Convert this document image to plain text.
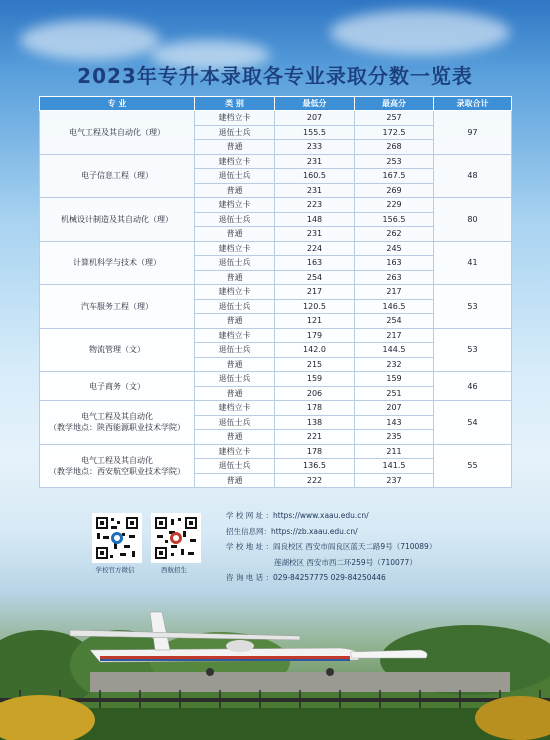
2023年专升本录取各专业录取分数一览表
专 业	类 别	最低分	最高分	录取合计

电气工程及其自动化（理）	建档立卡	207	257	97
	退伍士兵	155.5	172.5	
	普通	233	268	

电子信息工程（理）	建档立卡	231	253	48
	退伍士兵	160.5	167.5	
	普通	231	269	

机械设计制造及其自动化（理）	建档立卡	223	229	80
	退伍士兵	148	156.5	
	普通	231	262	

计算机科学与技术（理）	建档立卡	224	245	41
	退伍士兵	163	163	
	普通	254	263	

汽车服务工程（理）	建档立卡	217	217	53
	退伍士兵	120.5	146.5	
	普通	121	254	

物流管理（文）	建档立卡	179	217	53
	退伍士兵	142.0	144.5	
	普通	215	232	

电子商务（文）	退伍士兵	159	159	46
	普通	206	251	

电气工程及其自动化
（教学地点：陕西能源职业技术学院）	建档立卡	178	207	54
	退伍士兵	138	143	
	普通	221	235	

电气工程及其自动化
（教学地点：西安航空职业技术学院）	建档立卡	178	211	55
	退伍士兵	136.5	141.5	
	普通	222	237	
学校官方微信	西航招生
学 校 网 址 ：https://www.xaau.edu.cn/
招生信息网：https://zb.xaau.edu.cn/
学 校 地 址 ：阎良校区 西安市阎良区蓝天二路9号（710089）
莲湖校区 西安市西二环259号（710077）
咨 询 电 话 ：029-84257775 029-84250446
